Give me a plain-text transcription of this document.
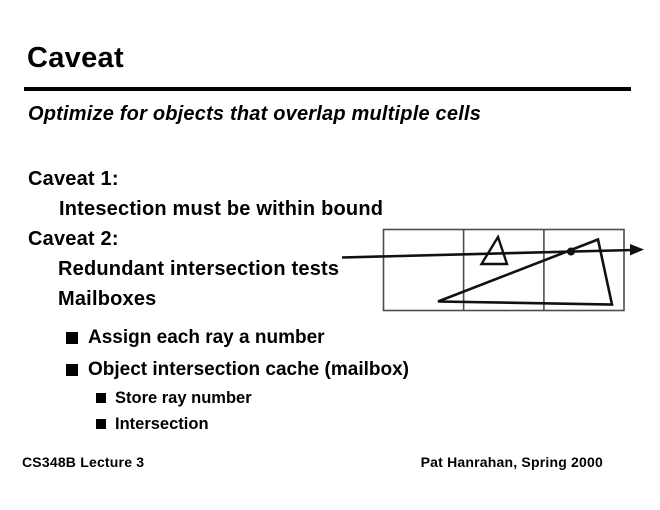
Caveat
Optimize for objects that overlap multiple cells
Caveat 1:
Intesection must be within bound
Caveat 2:
Redundant intersection tests
Mailboxes
Assign each ray a number
Object intersection cache (mailbox)
Store ray number
Intersection
CS348B Lecture 3	Pat Hanrahan, Spring 2000
